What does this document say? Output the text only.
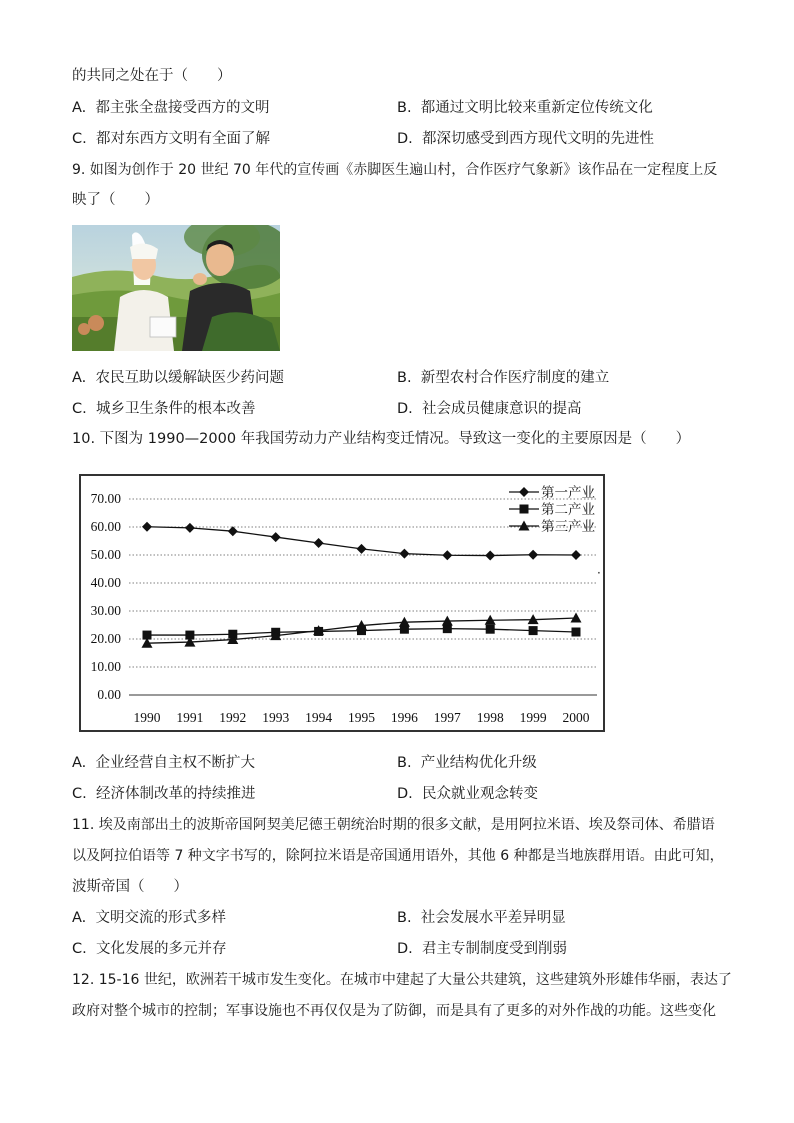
的共同之处在于（　　）
A. 都主张全盘接受西方的文明	B. 都通过文明比较来重新定位传统文化
C. 都对东西方文明有全面了解	D. 都深切感受到西方现代文明的先进性
9. 如图为创作于 20 世纪 70 年代的宣传画《赤脚医生遍山村，合作医疗气象新》该作品在一定程度上反
映了（　　）
A. 农民互助以缓解缺医少药问题	B. 新型农村合作医疗制度的建立
C. 城乡卫生条件的根本改善	D. 社会成员健康意识的提高
10. 下图为 1990—2000 年我国劳动力产业结构变迁情况。导致这一变化的主要原因是（　　）
70.00
60.00
50.00
40.00
30.00
20.00
10.00
0.00
1990 1991 1992 1993 1994 1995 1996 1997 1998 1999 2000
第一产业
第二产业
第三产业
·
A. 企业经营自主权不断扩大	B. 产业结构优化升级
C. 经济体制改革的持续推进	D. 民众就业观念转变
11. 埃及南部出土的波斯帝国阿契美尼德王朝统治时期的很多文献，是用阿拉米语、埃及祭司体、希腊语
以及阿拉伯语等 7 种文字书写的，除阿拉米语是帝国通用语外，其他 6 种都是当地族群用语。由此可知，
波斯帝国（　　）
A. 文明交流的形式多样	B. 社会发展水平差异明显
C. 文化发展的多元并存	D. 君主专制制度受到削弱
12. 15-16 世纪，欧洲若干城市发生变化。在城市中建起了大量公共建筑，这些建筑外形雄伟华丽，表达了
政府对整个城市的控制；军事设施也不再仅仅是为了防御，而是具有了更多的对外作战的功能。这些变化
